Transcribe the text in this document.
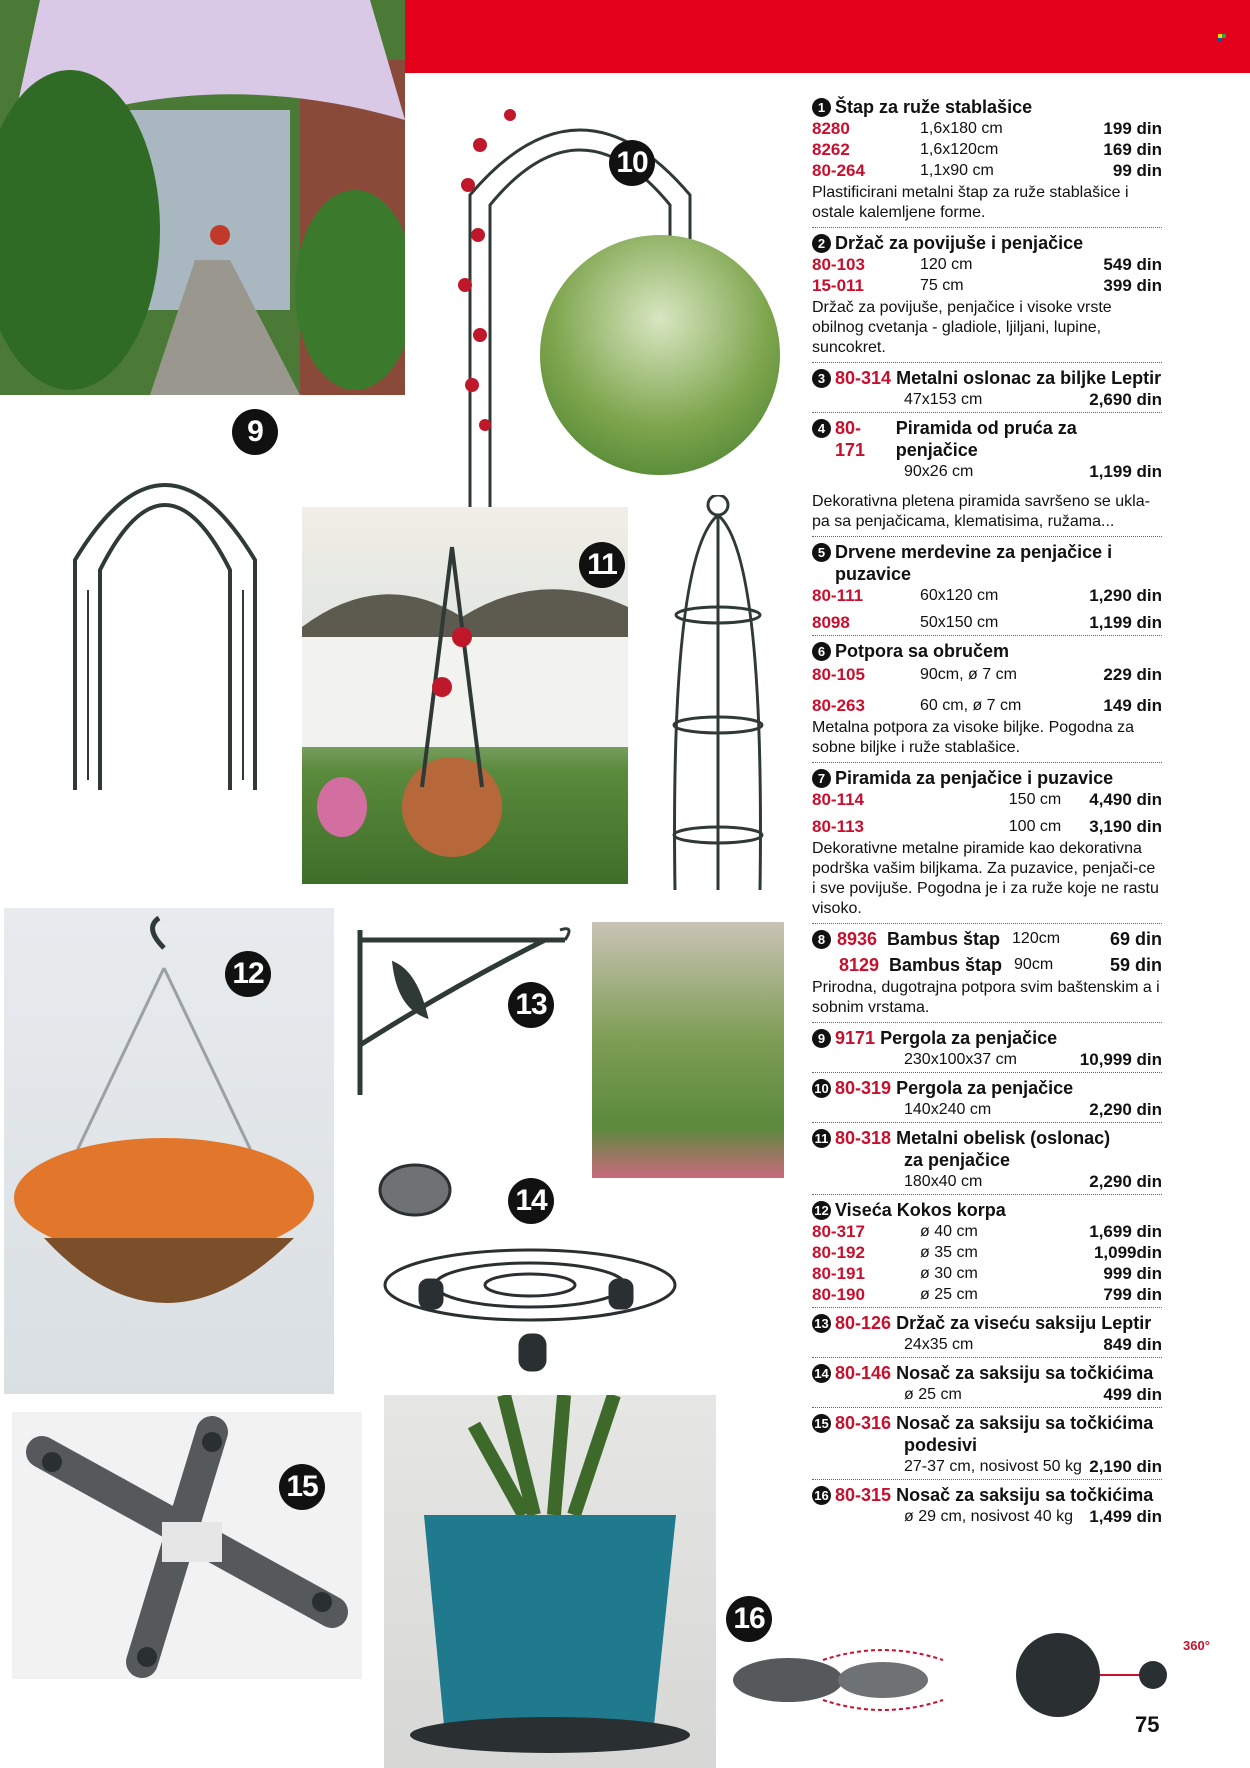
360°
9
10
11
12
13
14
15
16
1 Štap za ruže stablašice
8280	1,6x180 cm	199 din
8262	1,6x120cm	169 din
80-264	1,1x90 cm	99 din
Plastificirani metalni štap za ruže stablašice i ostale kalemljene forme.
2 Držač za povijuše i penjačice
80-103	120 cm	549 din
15-011	75 cm	399 din
Držač za povijuše, penjačice i visoke vrste obilnog cvetanja - gladiole, ljiljani, lupine, suncokret.
3 80-314
Metalni oslonac za biljke Leptir
47x153 cm	2,690 din
4 80-171

Piramida od pruća za penjačice
90x26 cm	1,199 din
Dekorativna pletena piramida savršeno se ukla-pa sa penjačicama, klematisima, ružama...
5 Drvene merdevine za penjačice i puzavice
80-111	60x120 cm	1,290 din
8098	50x150 cm	1,199 din
6 Potpora sa obručem
80-105	90cm, ø 7 cm	229 din
80-263	60 cm, ø 7 cm	149 din
Metalna potpora za visoke biljke. Pogodna za sobne biljke i ruže stablašice.
7 Piramida za penjačice i puzavice
80-114	150 cm	4,490 din
80-113	100 cm	3,190 din
Dekorativne metalne piramide kao dekorativna podrška vašim biljkama. Za puzavice, penjači-ce i sve povijuše. Pogodna je i za ruže koje ne rastu visoko.
8 8936
Bambus štap 120cm	69 din
8129
Bambus štap 90cm	59 din
Prirodna, dugotrajna potpora svim baštenskim a i sobnim vrstama.
9 9171
Pergola za penjačice
230x100x37 cm	10,999 din
10 80-319
Pergola za penjačice
140x240 cm	2,290 din
11 80-318
Metalni obelisk (oslonac)
za penjačice
180x40 cm	2,290 din
12 Viseća Kokos korpa
80-317	ø 40 cm	1,699 din
80-192	ø 35 cm	1,099din
80-191	ø 30 cm	999 din
80-190	ø 25 cm	799 din
13 80-126
Držač za viseću saksiju Leptir
24x35 cm	849 din
14 80-146
Nosač za saksiju sa točkićima
ø 25 cm	499 din
15 80-316
Nosač za saksiju sa točkićima
podesivi
27-37 cm, nosivost 50 kg 2,190 din
16 80-315
Nosač za saksiju sa točkićima
ø 29 cm, nosivost 40 kg 1,499 din
75
